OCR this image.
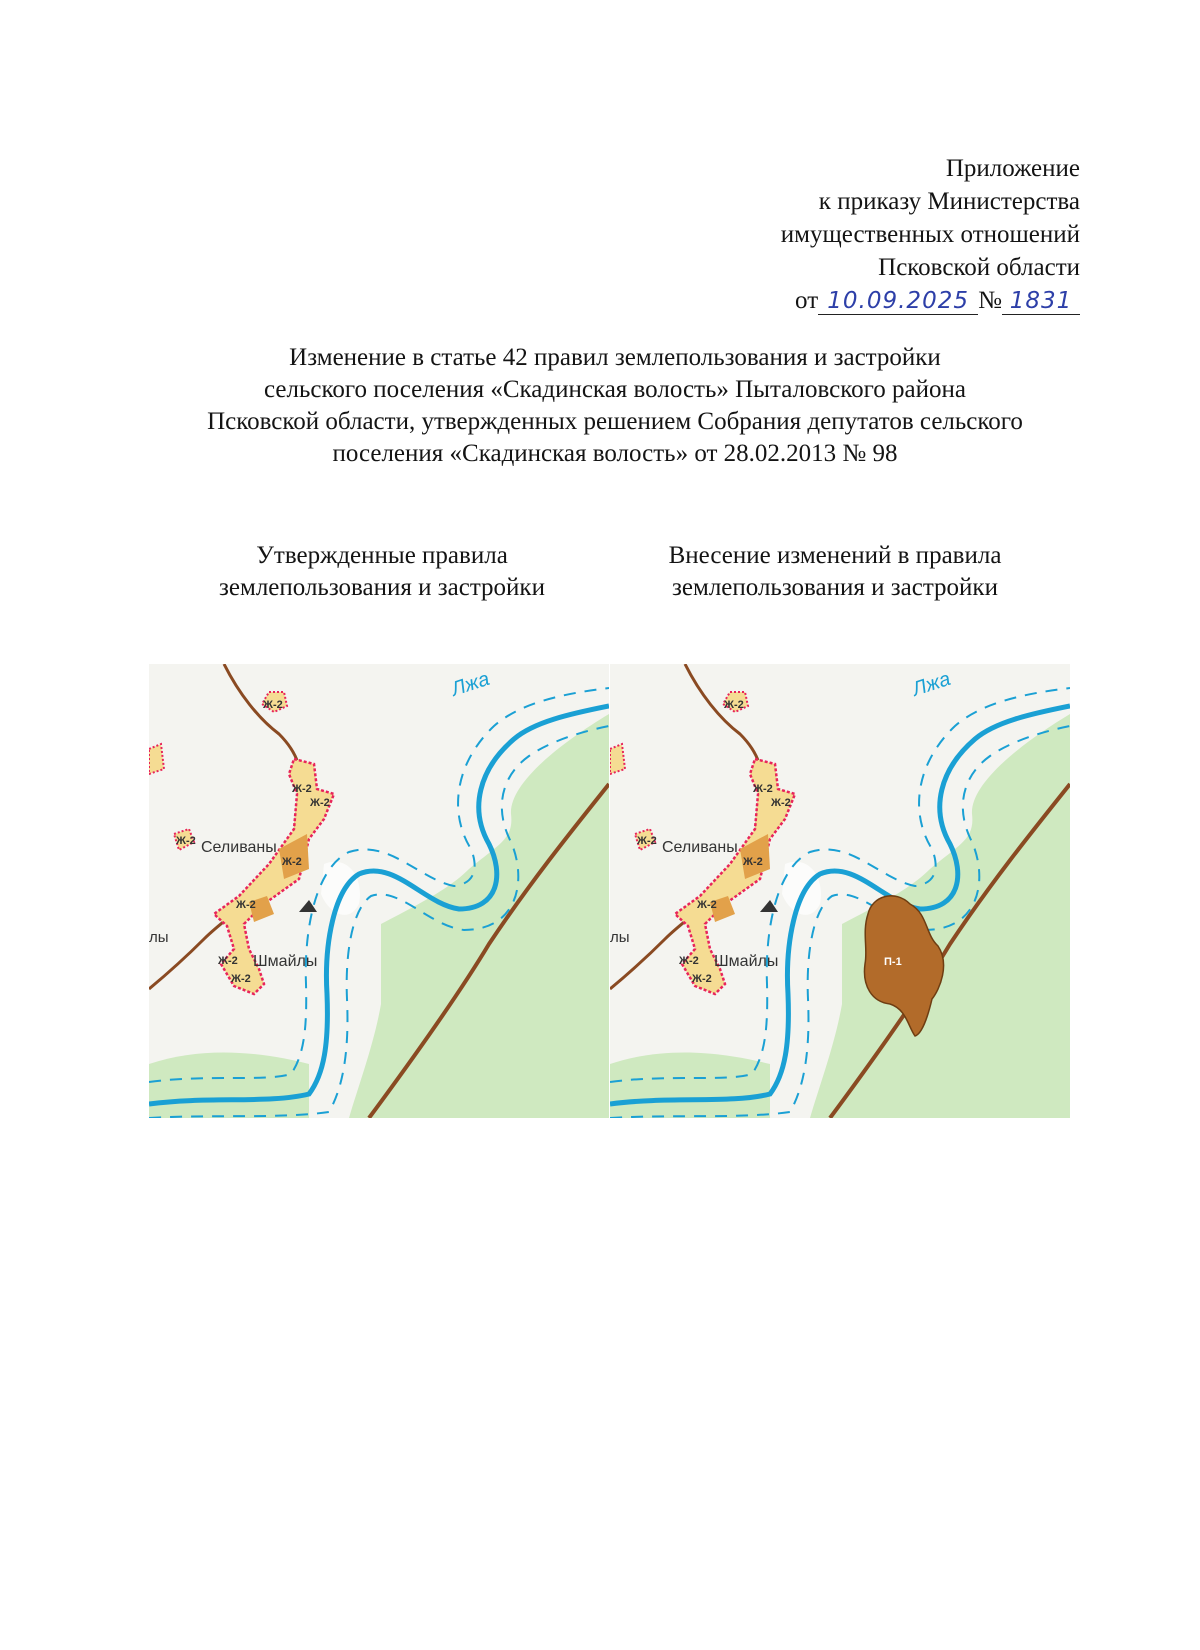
Приложение
к приказу Министерства
имущественных отношений
Псковской области
от 10.09.2025 № 1831
Изменение в статье 42 правил землепользования и застройки
сельского поселения «Скадинская волость» Пыталовского района
Псковской области, утвержденных решением Собрания депутатов сельского
поселения «Скадинская волость» от 28.02.2013 № 98
Утвержденные правила
землепользования и застройки
Внесение изменений в правила
землепользования и застройки
Лжа
Селиваны
Шмайлы
лы
Ж-2
Ж-2
Ж-2
Ж-2
Ж-2
Ж-2
Ж-2
Ж-2
П-1
Лжа
Селиваны
Шмайлы
лы
Ж-2
Ж-2
Ж-2
Ж-2
Ж-2
Ж-2
Ж-2
Ж-2
